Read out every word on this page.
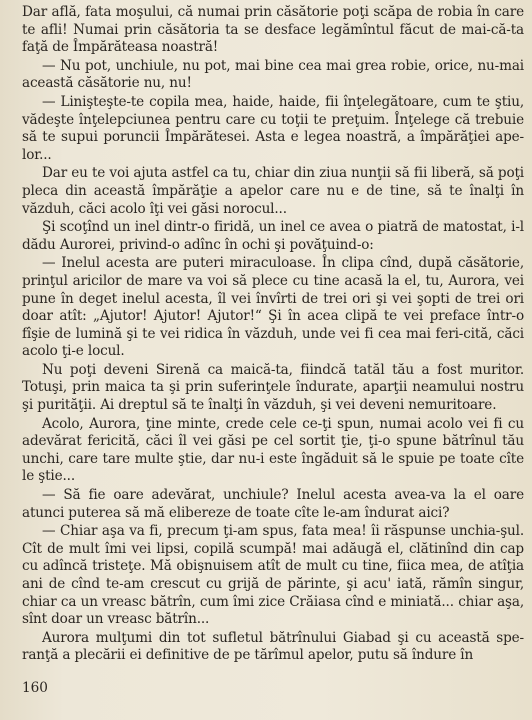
Dar află, fata moşului, că numai prin căsătorie poţi scăpa de robia în care te afli! Numai prin căsătoria ta se desface legămîntul făcut de mai-că-ta faţă de Împărăteasa noastră!

— Nu pot, unchiule, nu pot, mai bine cea mai grea robie, orice, nu-mai această căsătorie nu, nu!

— Linişteşte-te copila mea, haide, haide, fii înţelegătoare, cum te ştiu, vădeşte înţelepciunea pentru care cu toţii te preţuim. Înţelege că trebuie să te supui poruncii Împărătesei. Asta e legea noastră, a împărăţiei ape-lor...

Dar eu te voi ajuta astfel ca tu, chiar din ziua nunţii să fii liberă, să poţi pleca din această împărăţie a apelor care nu e de tine, să te înalţi în văzduh, căci acolo îţi vei găsi norocul...

Şi scoţînd un inel dintr-o firidă, un inel ce avea o piatră de matostat, i-l dădu Aurorei, privind-o adînc în ochi şi povăţuind-o:

— Inelul acesta are puteri miraculoase. În clipa cînd, după căsătorie, prinţul aricilor de mare va voi să plece cu tine acasă la el, tu, Aurora, vei pune în deget inelul acesta, îl vei învîrti de trei ori şi vei şopti de trei ori doar atît: „Ajutor! Ajutor! Ajutor!“ Şi în acea clipă te vei preface într-o fîşie de lumină şi te vei ridica în văzduh, unde vei fi cea mai feri-cită, căci acolo ţi-e locul.

Nu poţi deveni Sirenă ca maică-ta, fiindcă tatăl tău a fost muritor. Totuşi, prin maica ta şi prin suferinţele îndurate, aparţii neamului nostru şi purităţii. Ai dreptul să te înalţi în văzduh, şi vei deveni nemuritoare.

Acolo, Aurora, ţine minte, crede cele ce-ţi spun, numai acolo vei fi cu adevărat fericită, căci îl vei găsi pe cel sortit ţie, ţi-o spune bătrînul tău unchi, care tare multe ştie, dar nu-i este îngăduit să le spuie pe toate cîte le ştie...

— Să fie oare adevărat, unchiule? Inelul acesta avea-va la el oare atunci puterea să mă elibereze de toate cîte le-am îndurat aici?

— Chiar aşa va fi, precum ţi-am spus, fata mea! îi răspunse unchia-şul. Cît de mult îmi vei lipsi, copilă scumpă! mai adăugă el, clătinînd din cap cu adîncă tristeţe. Mă obişnuisem atît de mult cu tine, fiica mea, de atîţia ani de cînd te-am crescut cu grijă de părinte, şi acu' iată, rămîn singur, chiar ca un vreasc bătrîn, cum îmi zice Crăiasa cînd e miniată... chiar aşa, sînt doar un vreasc bătrîn...

Aurora mulţumi din tot sufletul bătrînului Giabad şi cu această spe-ranţă a plecării ei definitive de pe tărîmul apelor, putu să îndure în

160
